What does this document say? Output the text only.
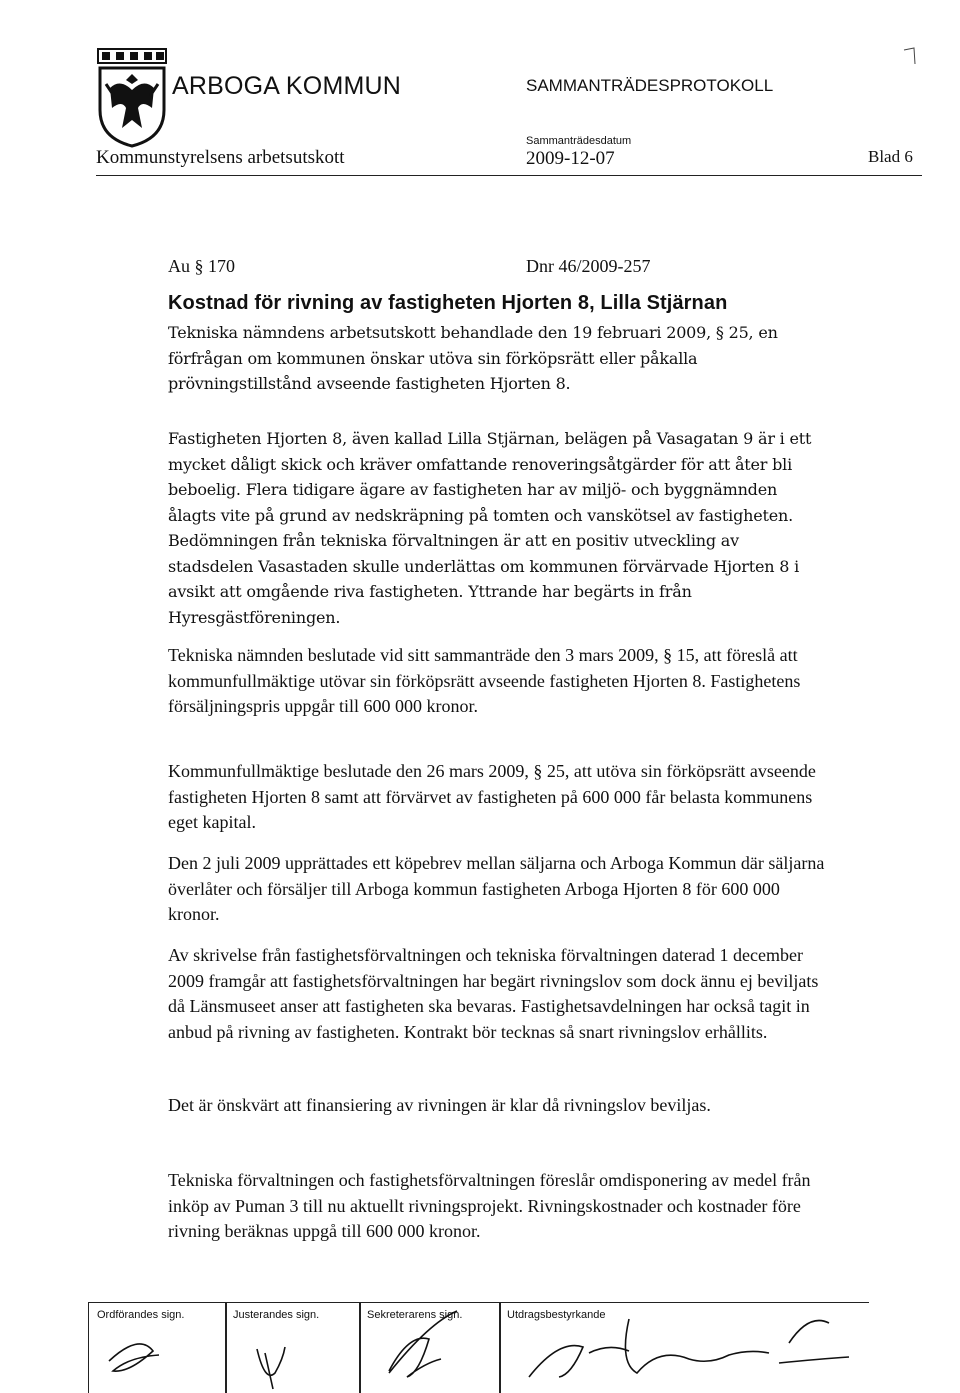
ARBOGA KOMMUN	SAMMANTRÄDESPROTOKOLL
Kommunstyrelsens arbetsutskott
Sammanträdesdatum
2009-12-07	Blad 6
Au § 170	Dnr 46/2009-257
Kostnad för rivning av fastigheten Hjorten 8, Lilla Stjärnan

Tekniska nämndens arbetsutskott behandlade den 19 februari 2009, § 25, en förfrågan om kommunen önskar utöva sin förköpsrätt eller påkalla prövningstillstånd avseende fastigheten Hjorten 8.

Fastigheten Hjorten 8, även kallad Lilla Stjärnan, belägen på Vasagatan 9 är i ett mycket dåligt skick och kräver omfattande renoveringsåtgärder för att åter bli beboelig. Flera tidigare ägare av fastigheten har av miljö- och byggnämnden ålagts vite på grund av nedskräpning på tomten och vanskötsel av fastigheten. Bedömningen från tekniska förvaltningen är att en positiv utveckling av stadsdelen Vasastaden skulle underlättas om kommunen förvärvade Hjorten 8 i avsikt att omgående riva fastigheten. Yttrande har begärts in från Hyresgästföreningen.

Tekniska nämnden beslutade vid sitt sammanträde den 3 mars 2009, § 15, att föreslå att kommunfullmäktige utövar sin förköpsrätt avseende fastigheten Hjorten 8. Fastighetens försäljningspris uppgår till 600 000 kronor.

Kommunfullmäktige beslutade den 26 mars 2009, § 25, att utöva sin förköpsrätt avseende fastigheten Hjorten 8 samt att förvärvet av fastigheten på 600 000 får belasta kommunens eget kapital.

Den 2 juli 2009 upprättades ett köpebrev mellan säljarna och Arboga Kommun där säljarna överlåter och försäljer till Arboga kommun fastigheten Arboga Hjorten 8 för 600 000 kronor.

Av skrivelse från fastighetsförvaltningen och tekniska förvaltningen daterad 1 december 2009 framgår att fastighetsförvaltningen har begärt rivningslov som dock ännu ej beviljats då Länsmuseet anser att fastigheten ska bevaras. Fastighetsavdelningen har också tagit in anbud på rivning av fastigheten. Kontrakt bör tecknas så snart rivningslov erhållits.

Det är önskvärt att finansiering av rivningen är klar då rivningslov beviljas.

Tekniska förvaltningen och fastighetsförvaltningen föreslår omdisponering av medel från inköp av Puman 3 till nu aktuellt rivningsprojekt. Rivningskostnader och kostnader före rivning beräknas uppgå till 600 000 kronor.

Ordförandes sign.	Justerandes sign.	Sekreterarens sign.	Utdragsbestyrkande
